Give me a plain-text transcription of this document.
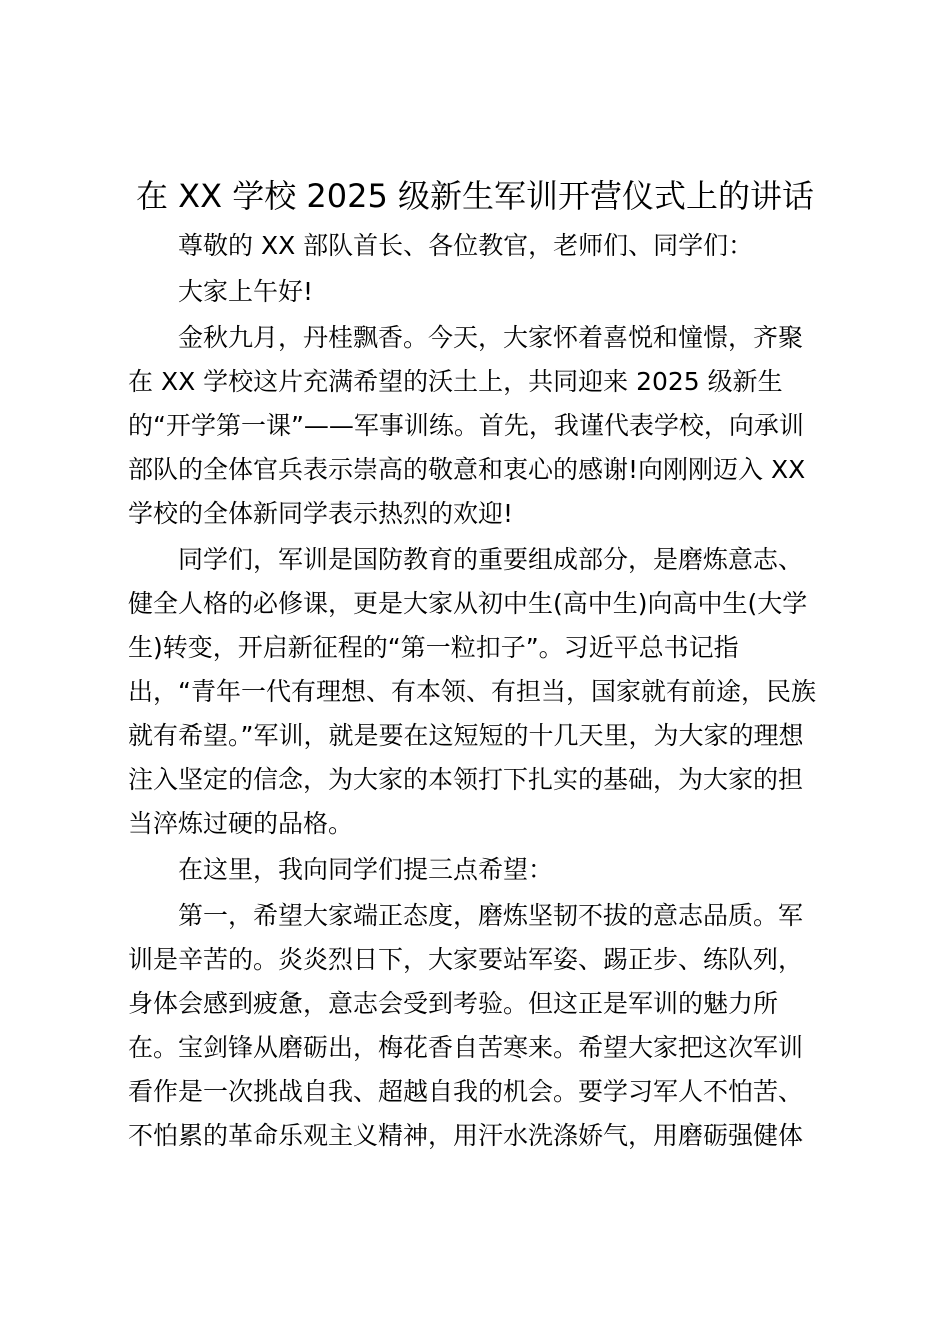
在 XX 学校 2025 级新生军训开营仪式上的讲话
尊敬的 XX 部队首长、各位教官，老师们、同学们：
大家上午好!
金秋九月，丹桂飘香。今天，大家怀着喜悦和憧憬，齐聚
在 XX 学校这片充满希望的沃土上，共同迎来 2025 级新生
的“开学第一课”——军事训练。首先，我谨代表学校，向承训
部队的全体官兵表示崇高的敬意和衷心的感谢!向刚刚迈入 XX
学校的全体新同学表示热烈的欢迎!
同学们，军训是国防教育的重要组成部分，是磨炼意志、
健全人格的必修课，更是大家从初中生(高中生)向高中生(大学
生)转变，开启新征程的“第一粒扣子”。习近平总书记指
出，“青年一代有理想、有本领、有担当，国家就有前途，民族
就有希望。”军训，就是要在这短短的十几天里，为大家的理想
注入坚定的信念，为大家的本领打下扎实的基础，为大家的担
当淬炼过硬的品格。
在这里，我向同学们提三点希望：
第一，希望大家端正态度，磨炼坚韧不拔的意志品质。军
训是辛苦的。炎炎烈日下，大家要站军姿、踢正步、练队列，
身体会感到疲惫，意志会受到考验。但这正是军训的魅力所
在。宝剑锋从磨砺出，梅花香自苦寒来。希望大家把这次军训
看作是一次挑战自我、超越自我的机会。要学习军人不怕苦、
不怕累的革命乐观主义精神，用汗水洗涤娇气，用磨砺强健体
